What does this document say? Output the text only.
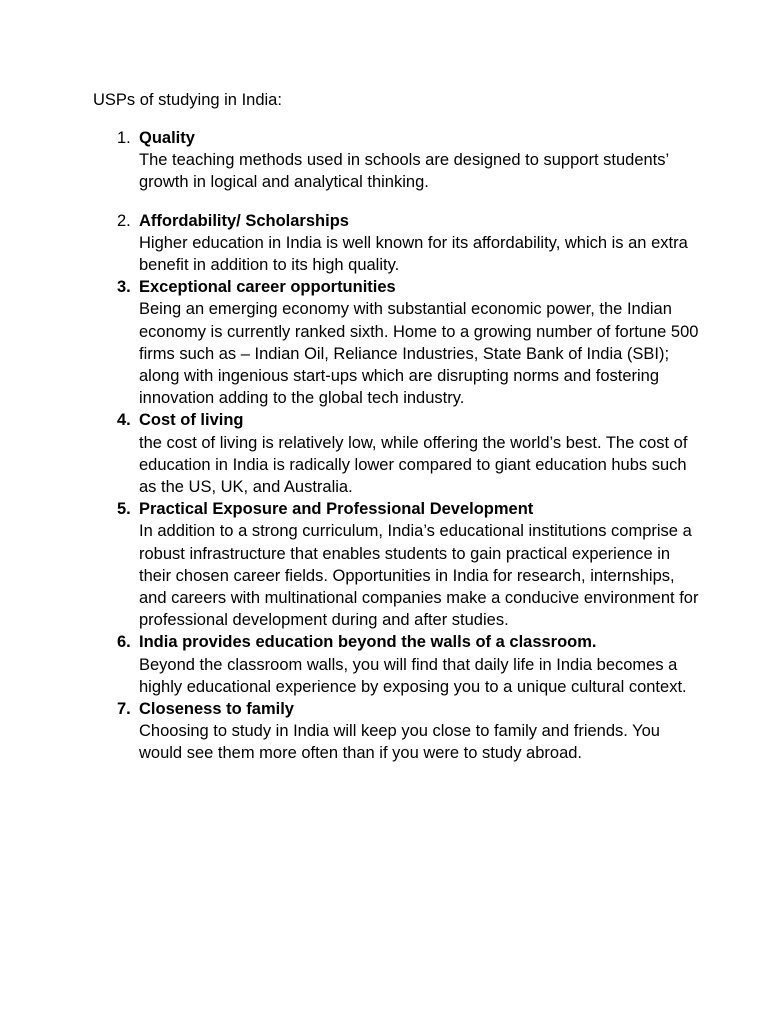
USPs of studying in India:
1. Quality

The teaching methods used in schools are designed to support students’ growth in logical and analytical thinking.

2. Affordability/ Scholarships

Higher education in India is well known for its affordability, which is an extra benefit in addition to its high quality.

3. Exceptional career opportunities

Being an emerging economy with substantial economic power, the Indian economy is currently ranked sixth. Home to a growing number of fortune 500 firms such as – Indian Oil, Reliance Industries, State Bank of India (SBI); along with ingenious start-ups which are disrupting norms and fostering innovation adding to the global tech industry.

4. Cost of living

the cost of living is relatively low, while offering the world’s best. The cost of education in India is radically lower compared to giant education hubs such as the US, UK, and Australia.

5. Practical Exposure and Professional Development

In addition to a strong curriculum, India’s educational institutions comprise a robust infrastructure that enables students to gain practical experience in their chosen career fields. Opportunities in India for research, internships, and careers with multinational companies make a conducive environment for professional development during and after studies.

6. India provides education beyond the walls of a classroom.

Beyond the classroom walls, you will find that daily life in India becomes a highly educational experience by exposing you to a unique cultural context.

7. Closeness to family

Choosing to study in India will keep you close to family and friends. You would see them more often than if you were to study abroad.
